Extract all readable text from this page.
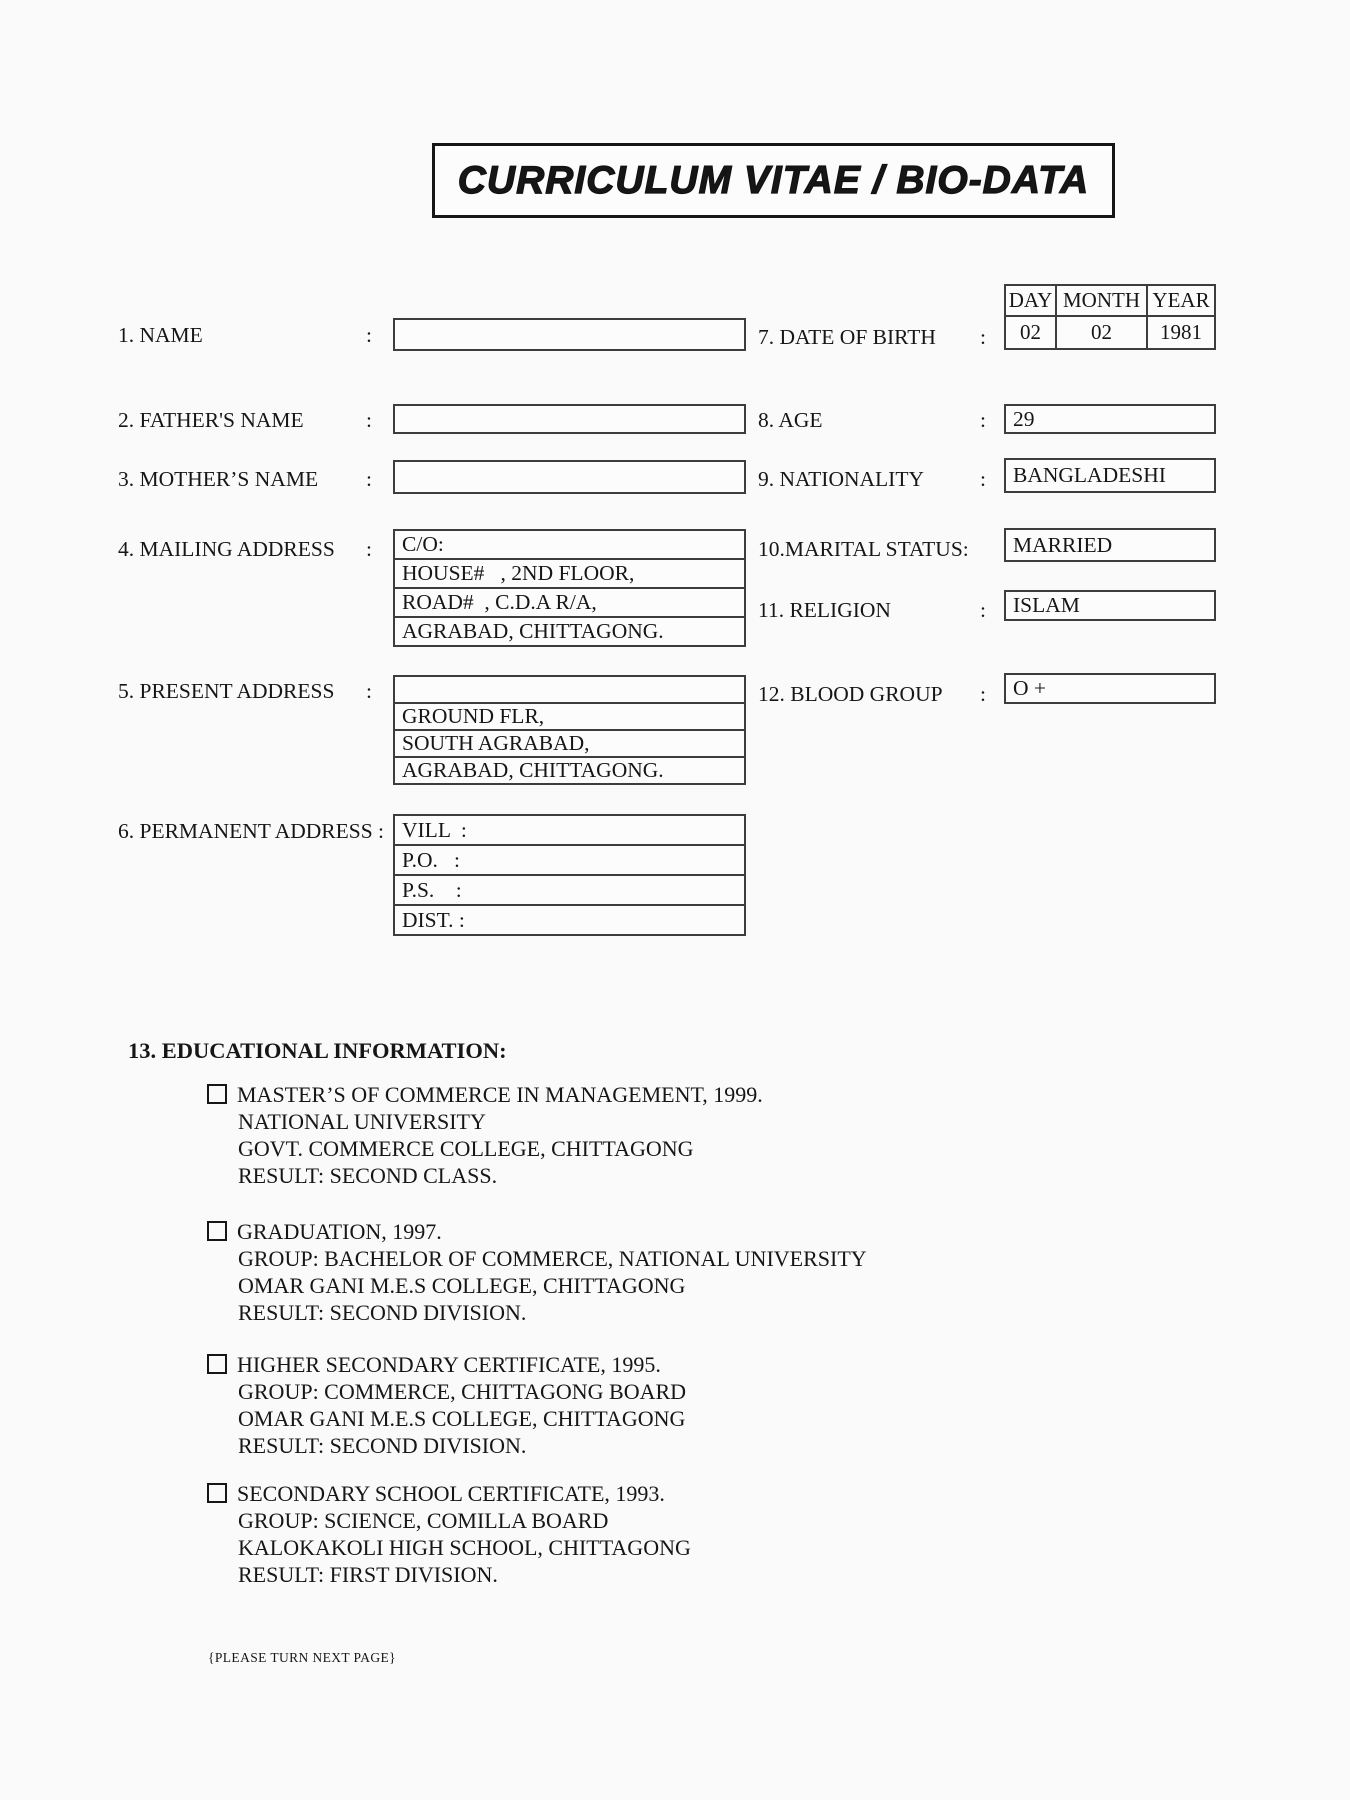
CURRICULUM VITAE / BIO-DATA
1. NAME	:
2. FATHER'S NAME	:
3. MOTHER’S NAME :
4. MAILING ADDRESS :	C/O:
HOUSE#   , 2ND FLOOR,
ROAD#  , C.D.A R/A,
AGRABAD, CHITTAGONG.
5. PRESENT ADDRESS :
GROUND FLR,
SOUTH AGRABAD,
AGRABAD, CHITTAGONG.
6. PERMANENT ADDRESS : VILL  :
P.O.   :
P.S.    :
DIST. :
DAY MONTH YEAR
02	02	1981
7. DATE OF BIRTH :
8. AGE	:	29
9. NATIONALITY	:	BANGLADESHI
10.MARITAL STATUS:	MARRIED
11. RELIGION	:	ISLAM
12. BLOOD GROUP :	O +
13. EDUCATIONAL INFORMATION:
MASTER’S OF COMMERCE IN MANAGEMENT, 1999.
NATIONAL UNIVERSITY
GOVT. COMMERCE COLLEGE, CHITTAGONG
RESULT: SECOND CLASS.
GRADUATION, 1997.
GROUP: BACHELOR OF COMMERCE, NATIONAL UNIVERSITY
OMAR GANI M.E.S COLLEGE, CHITTAGONG
RESULT: SECOND DIVISION.
HIGHER SECONDARY CERTIFICATE, 1995.
GROUP: COMMERCE, CHITTAGONG BOARD
OMAR GANI M.E.S COLLEGE, CHITTAGONG
RESULT: SECOND DIVISION.
SECONDARY SCHOOL CERTIFICATE, 1993.
GROUP: SCIENCE, COMILLA BOARD
KALOKAKOLI HIGH SCHOOL, CHITTAGONG
RESULT: FIRST DIVISION.
{PLEASE TURN NEXT PAGE}
